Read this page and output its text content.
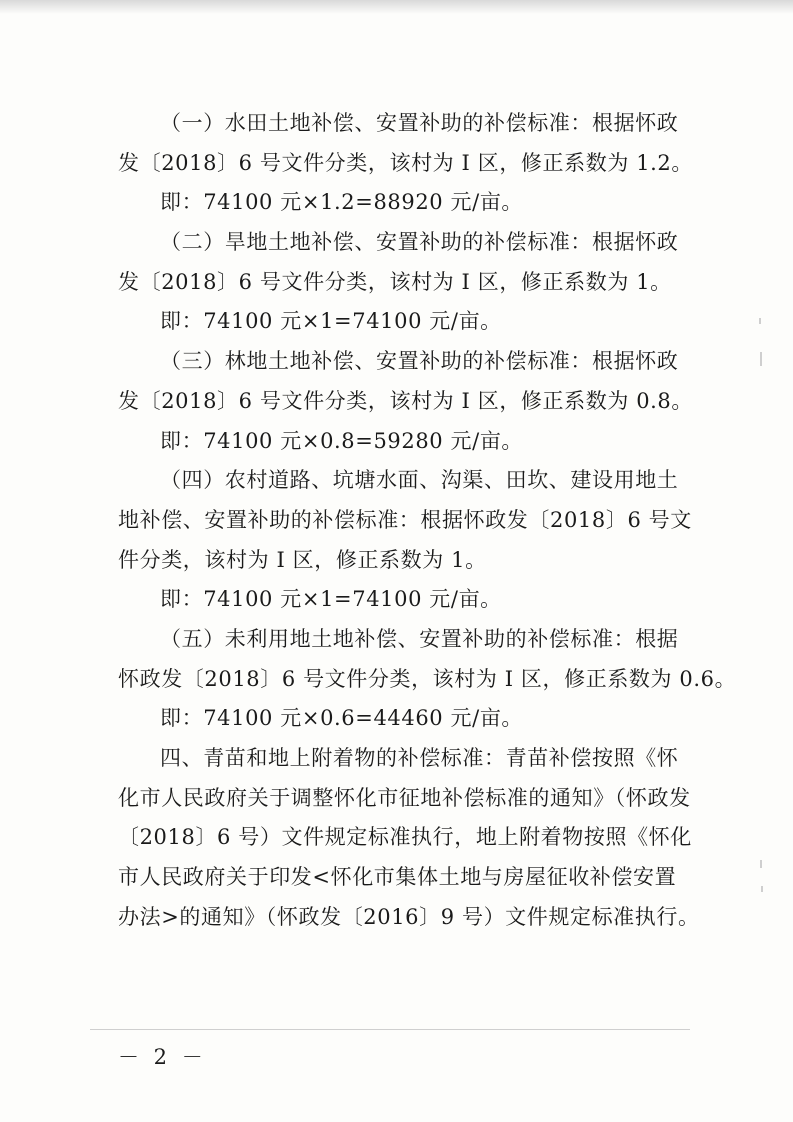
（一）水田土地补偿、安置补助的补偿标准：根据怀政
发〔2018〕6 号文件分类，该村为 I 区，修正系数为 1.2。
即：74100 元×1.2=88920 元/亩。
（二）旱地土地补偿、安置补助的补偿标准：根据怀政
发〔2018〕6 号文件分类，该村为 I 区，修正系数为 1。
即：74100 元×1=74100 元/亩。
（三）林地土地补偿、安置补助的补偿标准：根据怀政
发〔2018〕6 号文件分类，该村为 I 区，修正系数为 0.8。
即：74100 元×0.8=59280 元/亩。
（四）农村道路、坑塘水面、沟渠、田坎、建设用地土
地补偿、安置补助的补偿标准：根据怀政发〔2018〕6 号文
件分类，该村为 I 区，修正系数为 1。
即：74100 元×1=74100 元/亩。
（五）未利用地土地补偿、安置补助的补偿标准：根据
怀政发〔2018〕6 号文件分类，该村为 I 区，修正系数为 0.6。
即：74100 元×0.6=44460 元/亩。
四、青苗和地上附着物的补偿标准：青苗补偿按照《怀
化市人民政府关于调整怀化市征地补偿标准的通知》（怀政发
〔2018〕6 号）文件规定标准执行，地上附着物按照《怀化
市人民政府关于印发<怀化市集体土地与房屋征收补偿安置
办法>的通知》（怀政发〔2016〕9 号）文件规定标准执行。
－ 2 －
